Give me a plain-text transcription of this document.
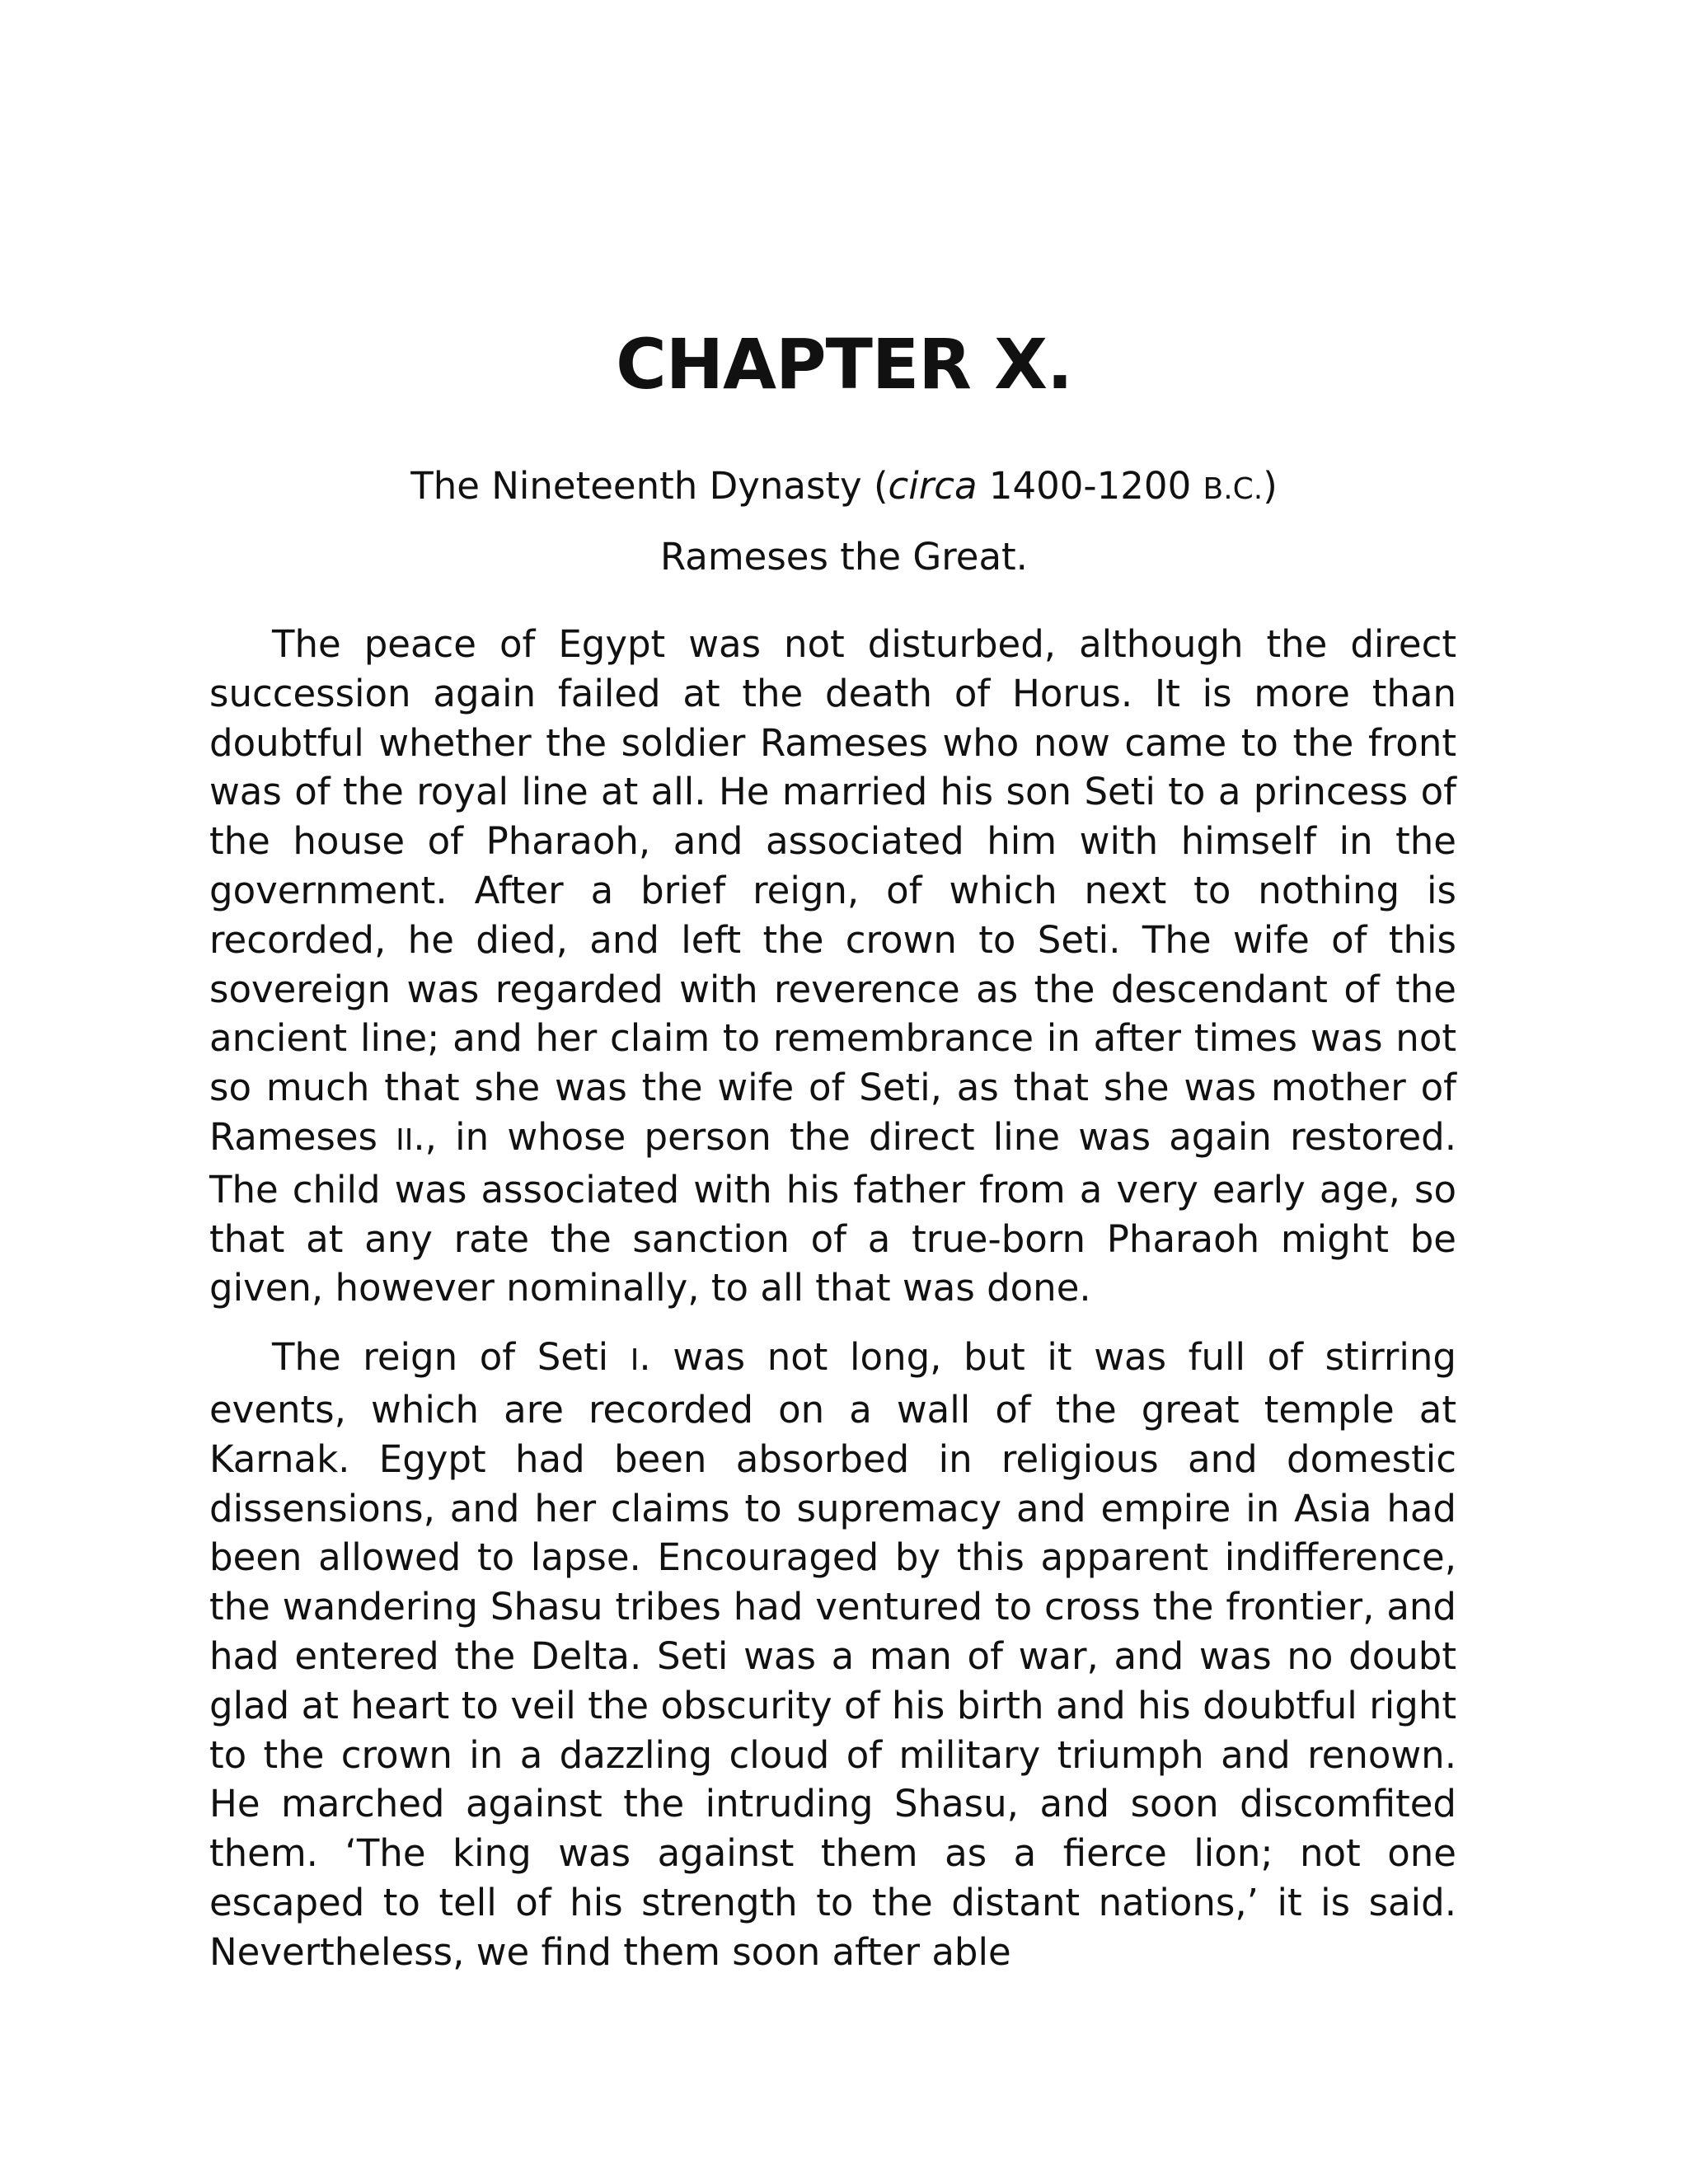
CHAPTER X.

The Nineteenth Dynasty (circa 1400-1200 B.C.)

Rameses the Great.

The peace of Egypt was not disturbed, although the direct succession again failed at the death of Horus. It is more than doubtful whether the soldier Rameses who now came to the front was of the royal line at all. He married his son Seti to a princess of the house of Pharaoh, and associated him with himself in the government. After a brief reign, of which next to nothing is recorded, he died, and left the crown to Seti. The wife of this sovereign was regarded with reverence as the descendant of the ancient line; and her claim to remembrance in after times was not so much that she was the wife of Seti, as that she was mother of Rameses II., in whose person the direct line was again restored. The child was associated with his father from a very early age, so that at any rate the sanction of a true-born Pharaoh might be given, however nominally, to all that was done.

The reign of Seti I. was not long, but it was full of stirring events, which are recorded on a wall of the great temple at Karnak. Egypt had been absorbed in religious and domestic dissensions, and her claims to supremacy and empire in Asia had been allowed to lapse. Encouraged by this apparent indifference, the wandering Shasu tribes had ventured to cross the frontier, and had entered the Delta. Seti was a man of war, and was no doubt glad at heart to veil the obscurity of his birth and his doubtful right to the crown in a dazzling cloud of military triumph and renown. He marched against the intruding Shasu, and soon discomfited them. ‘The king was against them as a fierce lion; not one escaped to tell of his strength to the distant nations,’ it is said. Nevertheless, we find them soon after able
